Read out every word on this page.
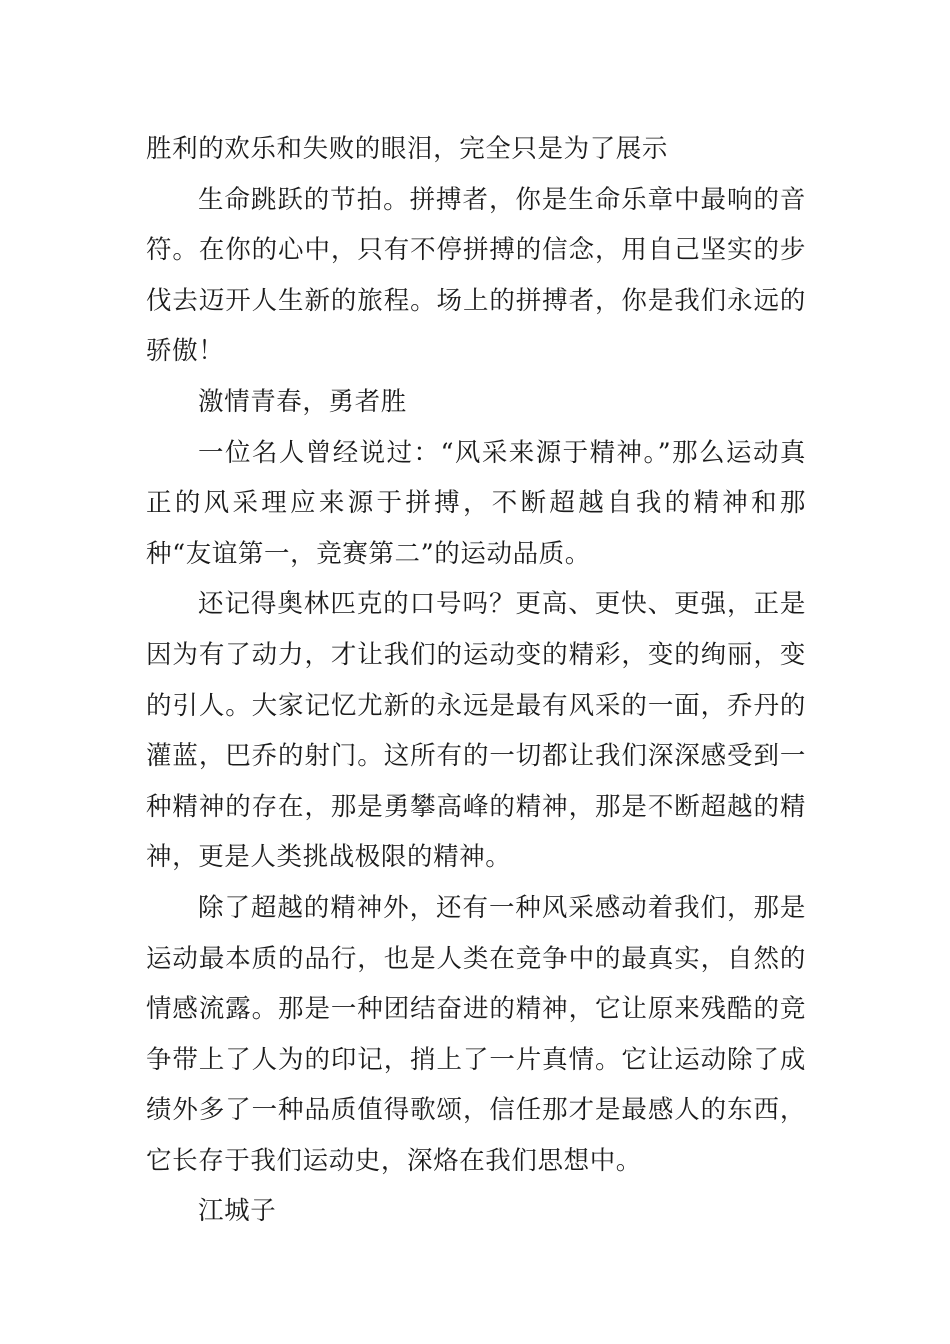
胜利的欢乐和失败的眼泪，完全只是为了展示

生命跳跃的节拍。拼搏者，你是生命乐章中最响的音符。在你的心中，只有不停拼搏的信念，用自己坚实的步伐去迈开人生新的旅程。场上的拼搏者，你是我们永远的骄傲！

激情青春，勇者胜

一位名人曾经说过：“风采来源于精神。”那么运动真正的风采理应来源于拼搏，不断超越自我的精神和那种“友谊第一，竞赛第二”的运动品质。

还记得奥林匹克的口号吗？更高、更快、更强，正是因为有了动力，才让我们的运动变的精彩，变的绚丽，变的引人。大家记忆尤新的永远是最有风采的一面，乔丹的灌蓝，巴乔的射门。这所有的一切都让我们深深感受到一种精神的存在，那是勇攀高峰的精神，那是不断超越的精神，更是人类挑战极限的精神。

除了超越的精神外，还有一种风采感动着我们，那是运动最本质的品行，也是人类在竞争中的最真实，自然的情感流露。那是一种团结奋进的精神，它让原来残酷的竞争带上了人为的印记，捎上了一片真情。它让运动除了成绩外多了一种品质值得歌颂，信任那才是最感人的东西，它长存于我们运动史，深烙在我们思想中。

江城子
